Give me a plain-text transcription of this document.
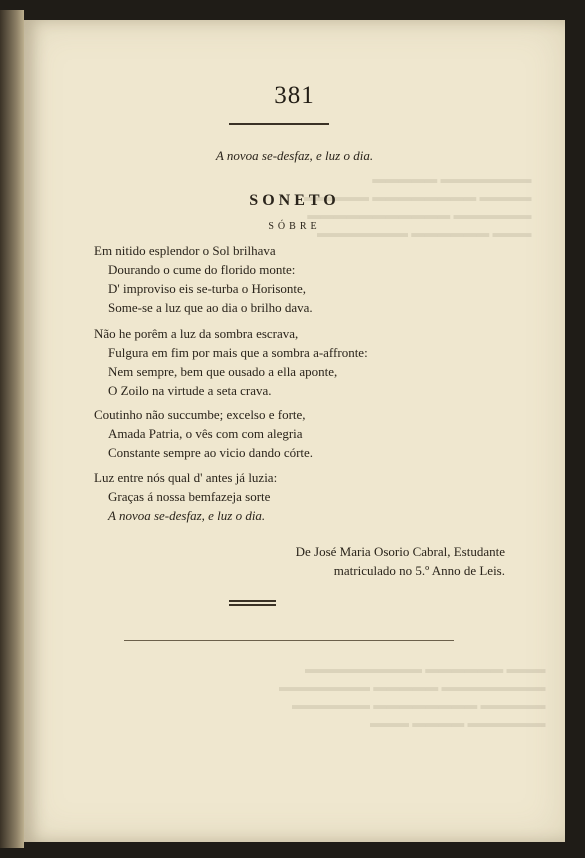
▬▬▬▬▬▬▬ ▬▬▬▬▬
▬▬▬▬ ▬▬▬▬▬▬▬▬ ▬▬▬▬▬
▬▬▬▬▬▬ ▬▬▬▬▬▬▬▬▬▬▬
▬▬▬ ▬▬▬▬▬▬ ▬▬▬▬▬▬▬

▬▬▬ ▬▬▬▬▬▬ ▬▬▬▬▬▬▬▬▬
▬▬▬▬▬▬▬▬ ▬▬▬▬▬ ▬▬▬▬▬▬▬
▬▬▬▬▬ ▬▬▬▬▬▬▬▬ ▬▬▬▬▬▬
▬▬▬▬▬▬ ▬▬▬▬ ▬▬▬

381
A novoa se-desfaz, e luz o dia.
SONETO
SÓBRE
Em nitido esplendor o Sol brilhava
Dourando o cume do florido monte:
D' improviso eis se-turba o Horisonte,
Some-se a luz que ao dia o brilho dava.
Não he porêm a luz da sombra escrava,
Fulgura em fim por mais que a sombra a-affronte:
Nem sempre, bem que ousado a ella aponte,
O Zoilo na virtude a seta crava.
Coutinho não succumbe; excelso e forte,
Amada Patria, o vês com com alegria
Constante sempre ao vicio dando córte.
Luz entre nós qual d' antes já luzia:
Graças á nossa bemfazeja sorte
A novoa se-desfaz, e luz o dia.
De José Maria Osorio Cabral, Estudante
matriculado no 5.º Anno de Leis.
